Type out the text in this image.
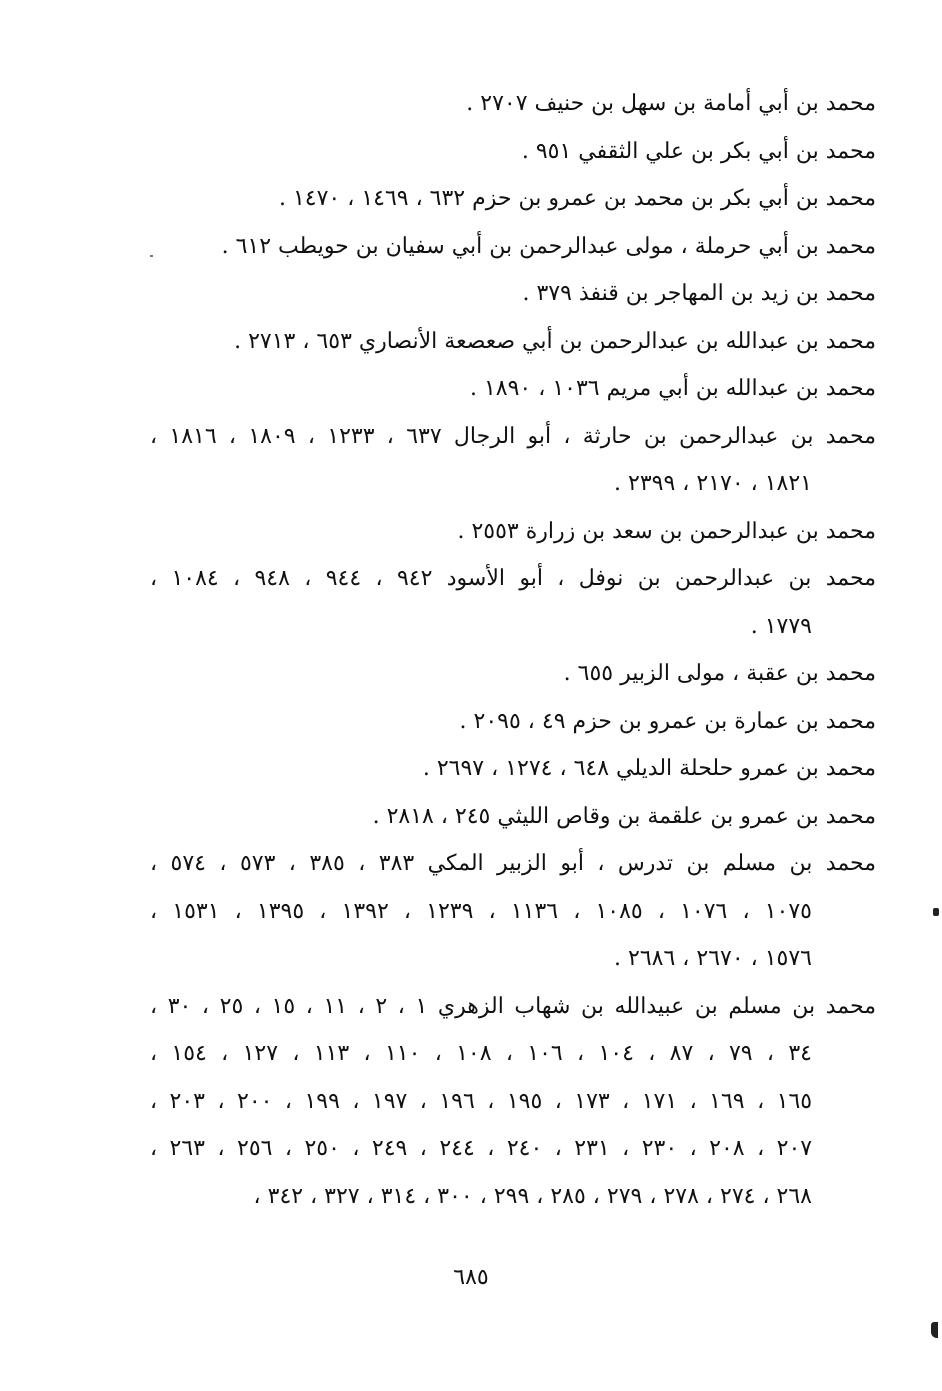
محمد بن أبي أمامة بن سهل بن حنيف ٢٧٠٧ .
محمد بن أبي بكر بن علي الثقفي ٩٥١ .
محمد بن أبي بكر بن محمد بن عمرو بن حزم ٦٣٢ ، ١٤٦٩ ، ١٤٧٠ .
محمد بن أبي حرملة ، مولى عبدالرحمن بن أبي سفيان بن حويطب ٦١٢ .
محمد بن زيد بن المهاجر بن قنفذ ٣٧٩ .
محمد بن عبدالله بن عبدالرحمن بن أبي صعصعة الأنصاري ٦٥٣ ، ٢٧١٣ .
محمد بن عبدالله بن أبي مريم ١٠٣٦ ، ١٨٩٠ .
محمد بن عبدالرحمن بن حارثة ، أبو الرجال ٦٣٧ ، ١٢٣٣ ، ١٨٠٩ ، ١٨١٦ ،
١٨٢١ ، ٢١٧٠ ، ٢٣٩٩ .
محمد بن عبدالرحمن بن سعد بن زرارة ٢٥٥٣ .
محمد بن عبدالرحمن بن نوفل ، أبو الأسود ٩٤٢ ، ٩٤٤ ، ٩٤٨ ، ١٠٨٤ ،
١٧٧٩ .
محمد بن عقبة ، مولى الزبير ٦٥٥ .
محمد بن عمارة بن عمرو بن حزم ٤٩ ، ٢٠٩٥ .
محمد بن عمرو حلحلة الديلي ٦٤٨ ، ١٢٧٤ ، ٢٦٩٧ .
محمد بن عمرو بن علقمة بن وقاص الليثي ٢٤٥ ، ٢٨١٨ .
محمد بن مسلم بن تدرس ، أبو الزبير المكي ٣٨٣ ، ٣٨٥ ، ٥٧٣ ، ٥٧٤ ،
١٠٧٥ ، ١٠٧٦ ، ١٠٨٥ ، ١١٣٦ ، ١٢٣٩ ، ١٣٩٢ ، ١٣٩٥ ، ١٥٣١ ،
١٥٧٦ ، ٢٦٧٠ ، ٢٦٨٦ .
محمد بن مسلم بن عبيدالله بن شهاب الزهري ١ ، ٢ ، ١١ ، ١٥ ، ٢٥ ، ٣٠ ،
٣٤ ، ٧٩ ، ٨٧ ، ١٠٤ ، ١٠٦ ، ١٠٨ ، ١١٠ ، ١١٣ ، ١٢٧ ، ١٥٤ ،
١٦٥ ، ١٦٩ ، ١٧١ ، ١٧٣ ، ١٩٥ ، ١٩٦ ، ١٩٧ ، ١٩٩ ، ٢٠٠ ، ٢٠٣ ،
٢٠٧ ، ٢٠٨ ، ٢٣٠ ، ٢٣١ ، ٢٤٠ ، ٢٤٤ ، ٢٤٩ ، ٢٥٠ ، ٢٥٦ ، ٢٦٣ ،
٢٦٨ ، ٢٧٤ ، ٢٧٨ ، ٢٧٩ ، ٢٨٥ ، ٢٩٩ ، ٣٠٠ ، ٣١٤ ، ٣٢٧ ، ٣٤٢ ،
٦٨٥
